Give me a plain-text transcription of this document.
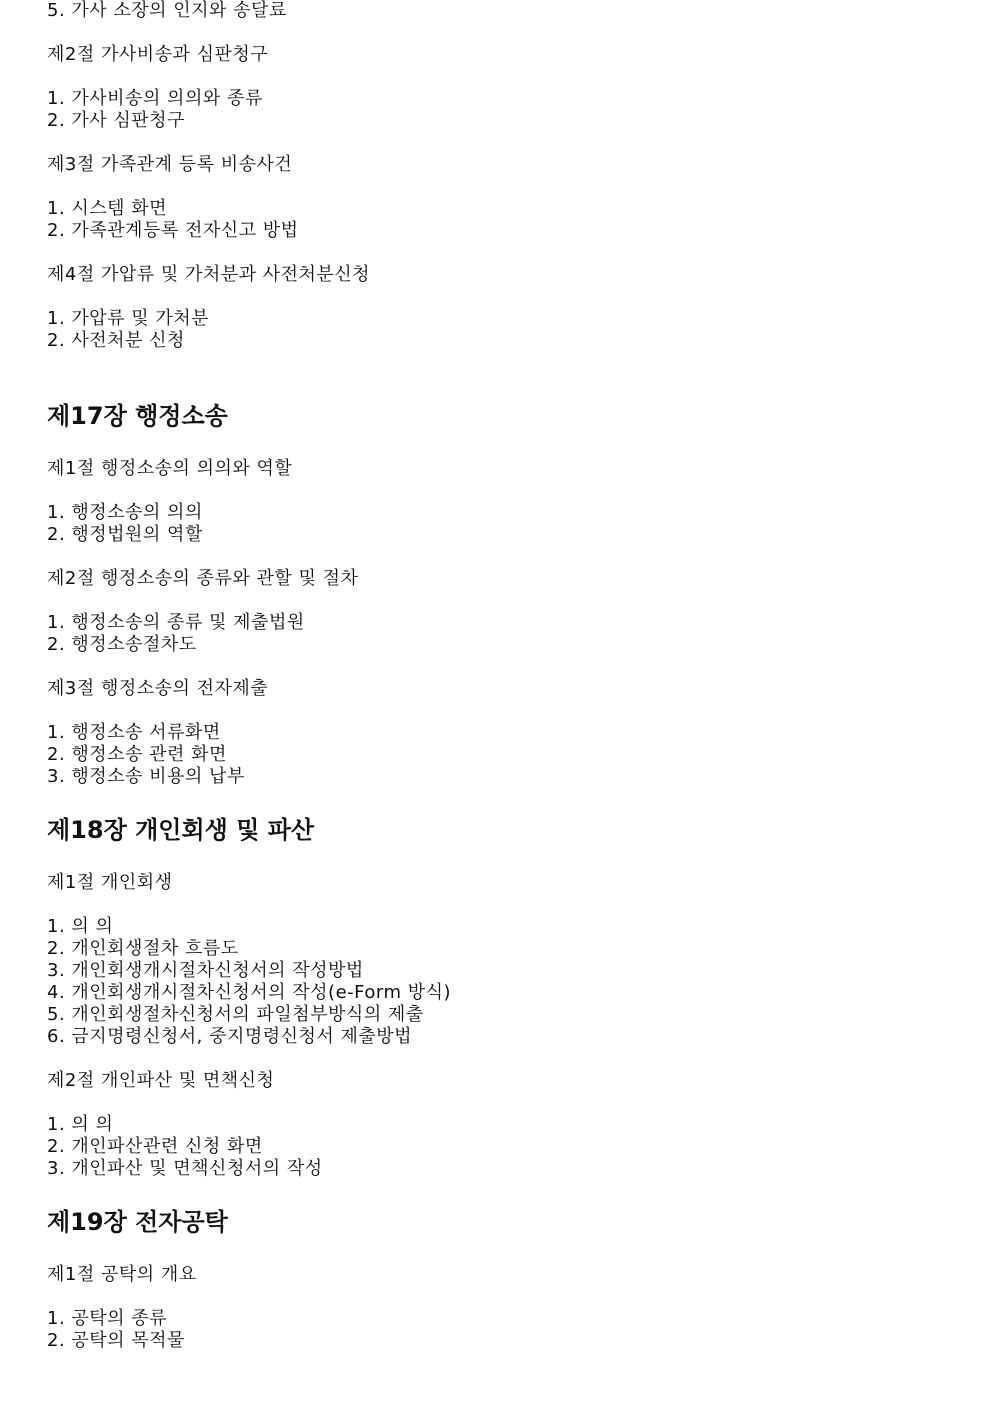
5. 가사 소장의 인지와 송달료
제2절 가사비송과 심판청구
1. 가사비송의 의의와 종류
2. 가사 심판청구
제3절 가족관계 등록 비송사건
1. 시스템 화면
2. 가족관계등록 전자신고 방법
제4절 가압류 및 가처분과 사전처분신청
1. 가압류 및 가처분
2. 사전처분 신청
제17장 행정소송
제1절 행정소송의 의의와 역할
1. 행정소송의 의의
2. 행정법원의 역할
제2절 행정소송의 종류와 관할 및 절차
1. 행정소송의 종류 및 제출법원
2. 행정소송절차도
제3절 행정소송의 전자제출
1. 행정소송 서류화면
2. 행정소송 관련 화면
3. 행정소송 비용의 납부
제18장 개인회생 및 파산
제1절 개인회생
1. 의 의
2. 개인회생절차 흐름도
3. 개인회생개시절차신청서의 작성방법
4. 개인회생개시절차신청서의 작성(e-Form 방식)
5. 개인회생절차신청서의 파일첨부방식의 제출
6. 금지명령신청서, 중지명령신청서 제출방법
제2절 개인파산 및 면책신청
1. 의 의
2. 개인파산관련 신청 화면
3. 개인파산 및 면책신청서의 작성
제19장 전자공탁
제1절 공탁의 개요
1. 공탁의 종류
2. 공탁의 목적물
